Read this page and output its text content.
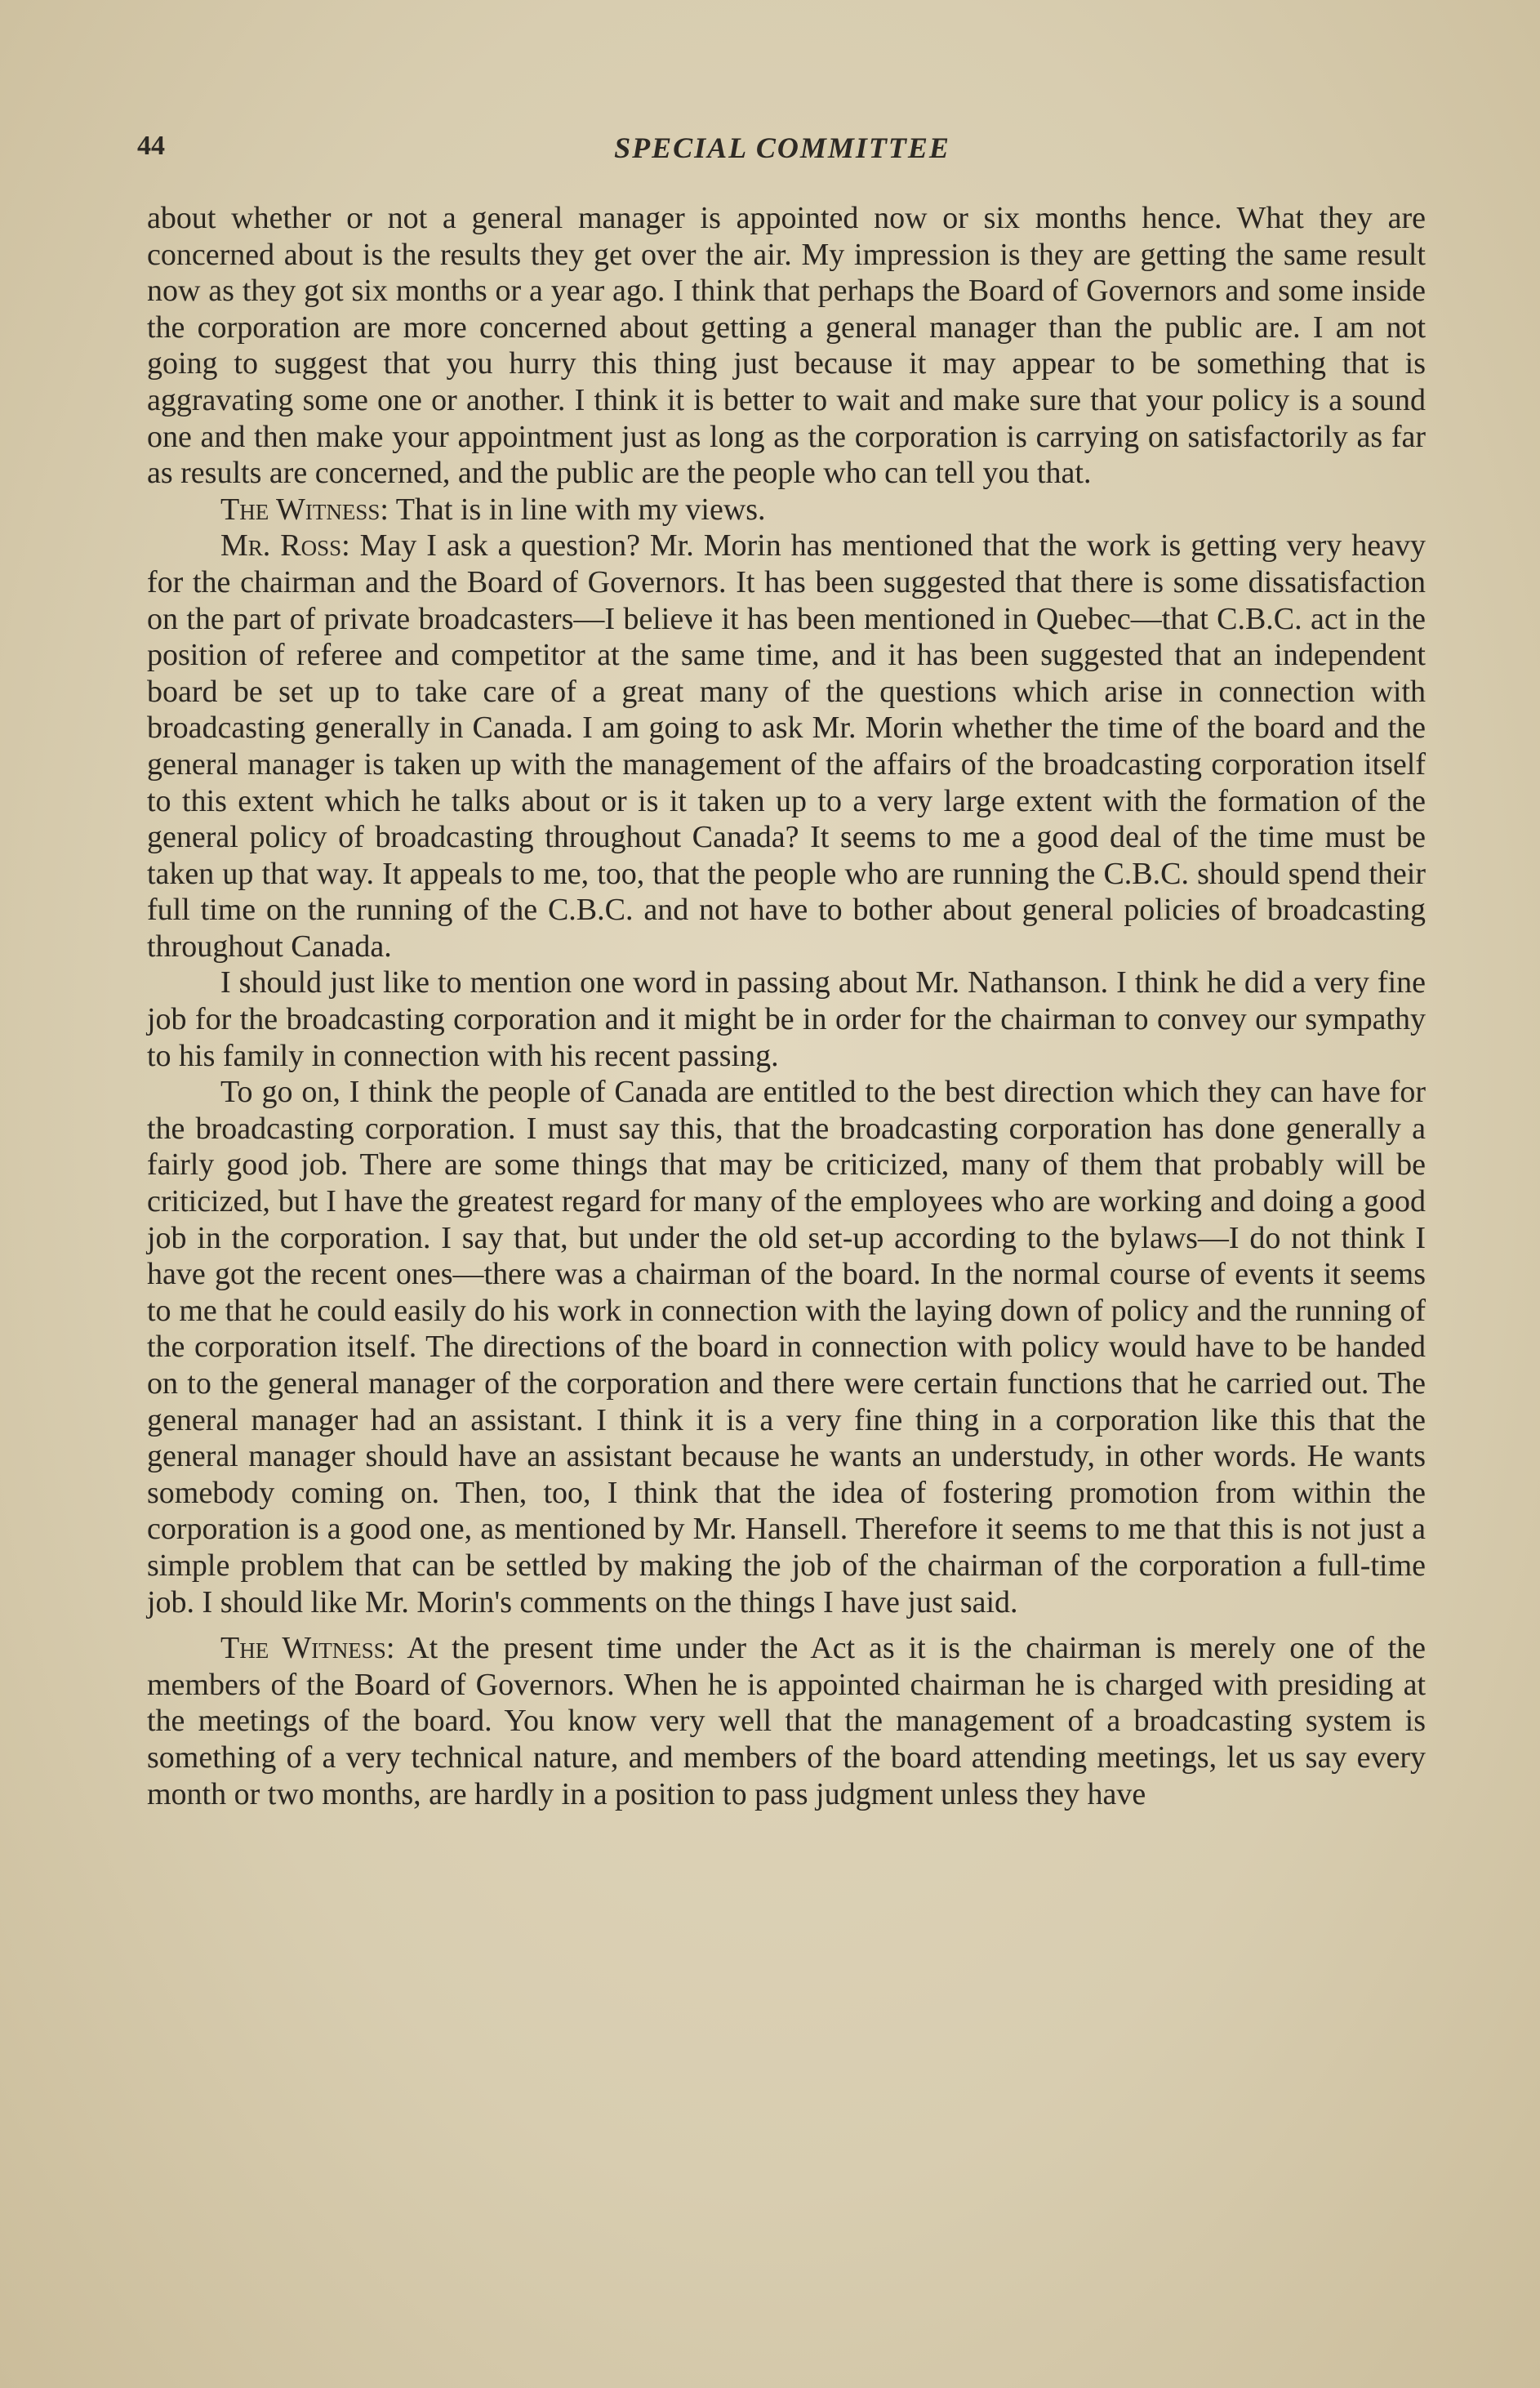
44	SPECIAL COMMITTEE

about whether or not a general manager is appointed now or six months hence. What they are concerned about is the results they get over the air. My impression is they are getting the same result now as they got six months or a year ago. I think that perhaps the Board of Governors and some inside the corporation are more concerned about getting a general manager than the public are. I am not going to suggest that you hurry this thing just because it may appear to be something that is aggravating some one or another. I think it is better to wait and make sure that your policy is a sound one and then make your appointment just as long as the corporation is carrying on satisfactorily as far as results are concerned, and the public are the people who can tell you that.

The Witness: That is in line with my views.

Mr. Ross: May I ask a question? Mr. Morin has mentioned that the work is getting very heavy for the chairman and the Board of Governors. It has been suggested that there is some dissatisfaction on the part of private broadcasters—I believe it has been mentioned in Quebec—that C.B.C. act in the position of referee and competitor at the same time, and it has been suggested that an independent board be set up to take care of a great many of the questions which arise in connection with broadcasting generally in Canada. I am going to ask Mr. Morin whether the time of the board and the general manager is taken up with the management of the affairs of the broadcasting corporation itself to this extent which he talks about or is it taken up to a very large extent with the formation of the general policy of broadcasting throughout Canada? It seems to me a good deal of the time must be taken up that way. It appeals to me, too, that the people who are running the C.B.C. should spend their full time on the running of the C.B.C. and not have to bother about general policies of broadcasting throughout Canada.

I should just like to mention one word in passing about Mr. Nathanson. I think he did a very fine job for the broadcasting corporation and it might be in order for the chairman to convey our sympathy to his family in connection with his recent passing.

To go on, I think the people of Canada are entitled to the best direction which they can have for the broadcasting corporation. I must say this, that the broadcasting corporation has done generally a fairly good job. There are some things that may be criticized, many of them that probably will be criticized, but I have the greatest regard for many of the employees who are working and doing a good job in the corporation. I say that, but under the old set-up according to the bylaws—I do not think I have got the recent ones—there was a chairman of the board. In the normal course of events it seems to me that he could easily do his work in connection with the laying down of policy and the running of the corporation itself. The directions of the board in connection with policy would have to be handed on to the general manager of the corporation and there were certain functions that he carried out. The general manager had an assistant. I think it is a very fine thing in a corporation like this that the general manager should have an assistant because he wants an understudy, in other words. He wants somebody coming on. Then, too, I think that the idea of fostering promotion from within the corporation is a good one, as mentioned by Mr. Hansell. Therefore it seems to me that this is not just a simple problem that can be settled by making the job of the chairman of the corporation a full-time job. I should like Mr. Morin's comments on the things I have just said.

The Witness: At the present time under the Act as it is the chairman is merely one of the members of the Board of Governors. When he is appointed chairman he is charged with presiding at the meetings of the board. You know very well that the management of a broadcasting system is something of a very technical nature, and members of the board attending meetings, let us say every month or two months, are hardly in a position to pass judgment unless they have
